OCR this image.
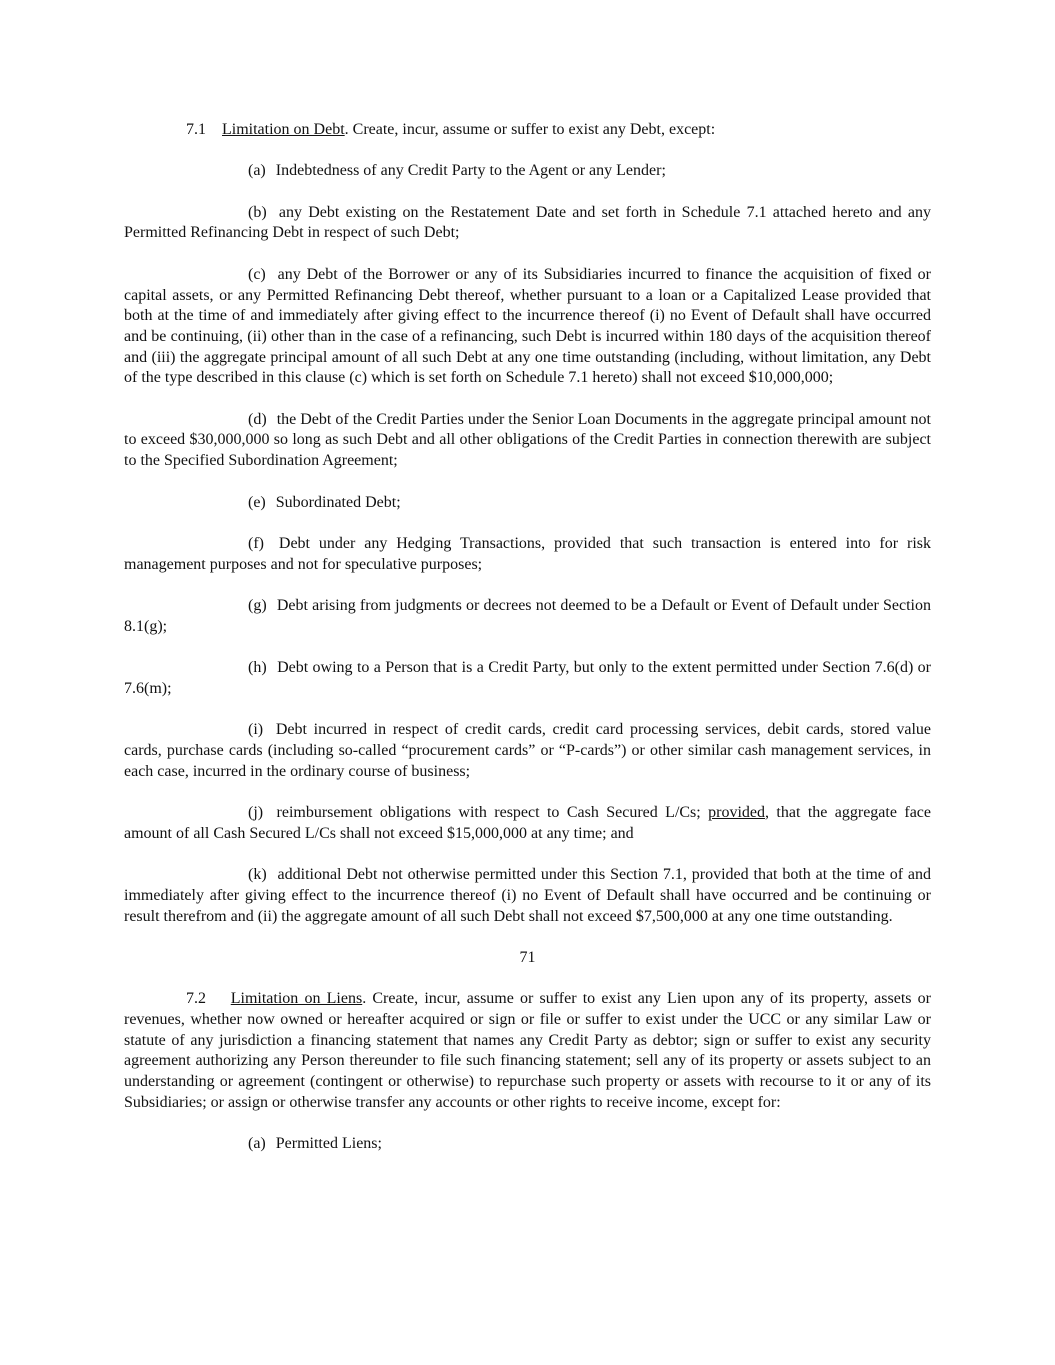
7.1 Limitation on Debt. Create, incur, assume or suffer to exist any Debt, except:

(a) Indebtedness of any Credit Party to the Agent or any Lender;

(b) any Debt existing on the Restatement Date and set forth in Schedule 7.1 attached hereto and any Permitted Refinancing Debt in respect of such Debt;

(c) any Debt of the Borrower or any of its Subsidiaries incurred to finance the acquisition of fixed or capital assets, or any Permitted Refinancing Debt thereof, whether pursuant to a loan or a Capitalized Lease provided that both at the time of and immediately after giving effect to the incurrence thereof (i) no Event of Default shall have occurred and be continuing, (ii) other than in the case of a refinancing, such Debt is incurred within 180 days of the acquisition thereof and (iii) the aggregate principal amount of all such Debt at any one time outstanding (including, without limitation, any Debt of the type described in this clause (c) which is set forth on Schedule 7.1 hereto) shall not exceed $10,000,000;

(d) the Debt of the Credit Parties under the Senior Loan Documents in the aggregate principal amount not to exceed $30,000,000 so long as such Debt and all other obligations of the Credit Parties in connection therewith are subject to the Specified Subordination Agreement;

(e) Subordinated Debt;

(f) Debt under any Hedging Transactions, provided that such transaction is entered into for risk management purposes and not for speculative purposes;

(g) Debt arising from judgments or decrees not deemed to be a Default or Event of Default under Section 8.1(g);

(h) Debt owing to a Person that is a Credit Party, but only to the extent permitted under Section 7.6(d) or 7.6(m);

(i) Debt incurred in respect of credit cards, credit card processing services, debit cards, stored value cards, purchase cards (including so-called “procurement cards” or “P-cards”) or other similar cash management services, in each case, incurred in the ordinary course of business;

(j) reimbursement obligations with respect to Cash Secured L/Cs; provided, that the aggregate face amount of all Cash Secured L/Cs shall not exceed $15,000,000 at any time; and

(k) additional Debt not otherwise permitted under this Section 7.1, provided that both at the time of and immediately after giving effect to the incurrence thereof (i) no Event of Default shall have occurred and be continuing or result therefrom and (ii) the aggregate amount of all such Debt shall not exceed $7,500,000 at any one time outstanding.

71

7.2 Limitation on Liens. Create, incur, assume or suffer to exist any Lien upon any of its property, assets or revenues, whether now owned or hereafter acquired or sign or file or suffer to exist under the UCC or any similar Law or statute of any jurisdiction a financing statement that names any Credit Party as debtor; sign or suffer to exist any security agreement authorizing any Person thereunder to file such financing statement; sell any of its property or assets subject to an understanding or agreement (contingent or otherwise) to repurchase such property or assets with recourse to it or any of its Subsidiaries; or assign or otherwise transfer any accounts or other rights to receive income, except for:

(a) Permitted Liens;
